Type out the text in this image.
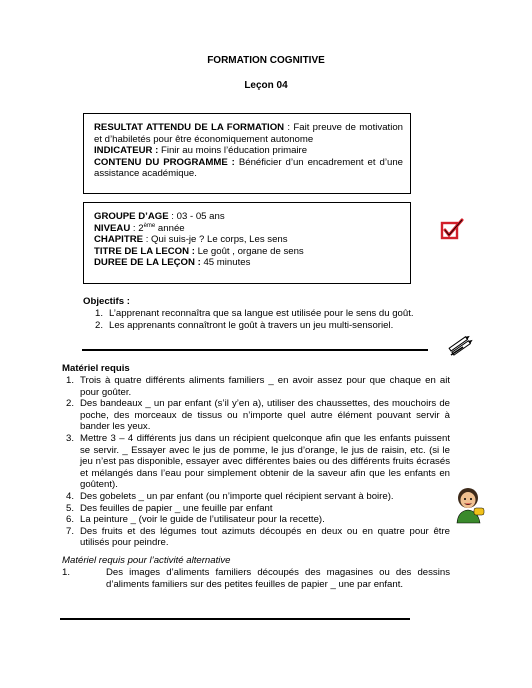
FORMATION COGNITIVE
Leçon 04
RESULTAT ATTENDU DE LA FORMATION : Fait preuve de motivation et d’habiletés pour être économiquement autonome
INDICATEUR : Finir au moins l’éducation primaire
CONTENU DU PROGRAMME : Bénéficier d’un encadrement et d’une assistance académique.
GROUPE D’AGE : 03 - 05 ans
NIVEAU : 2ème année
CHAPITRE : Qui suis-je ? Le corps, Les sens
TITRE DE LA LECON : Le goût , organe de sens
DUREE DE LA LEÇON : 45 minutes
Objectifs :
1. L’apprenant reconnaîtra que sa langue est utilisée pour le sens du goût.
2. Les apprenants connaîtront le goût à travers un jeu multi-sensoriel.
Matériel requis
1. Trois à quatre différents aliments familiers _ en avoir assez pour que chaque en ait pour goûter.
2. Des bandeaux _ un par enfant (s’il y’en a), utiliser des chaussettes, des mouchoirs de poche, des morceaux de tissus ou n’importe quel autre élément pouvant servir à bander les yeux.
3. Mettre 3 – 4 différents jus dans un récipient quelconque afin que les enfants puissent se servir. _ Essayer avec le jus de pomme, le jus d’orange, le jus de raisin, etc. (si le jeu n’est pas disponible, essayer avec différentes baies ou des différents fruits écrasés et mélangés dans l’eau pour simplement obtenir de la saveur afin que les enfants en goûtent).
4. Des gobelets _ un par enfant (ou n’importe quel récipient servant à boire).
5. Des feuilles de papier _ une feuille par enfant
6. La peinture _ (voir le guide de l’utilisateur pour la recette).
7. Des fruits et des légumes tout azimuts découpés en deux ou en quatre pour être utilisés pour peindre.
Matériel requis pour l’activité alternative
1.	Des images d’aliments familiers découpés des magasines ou des dessins d’aliments familiers sur des petites feuilles de papier _ une par enfant.
